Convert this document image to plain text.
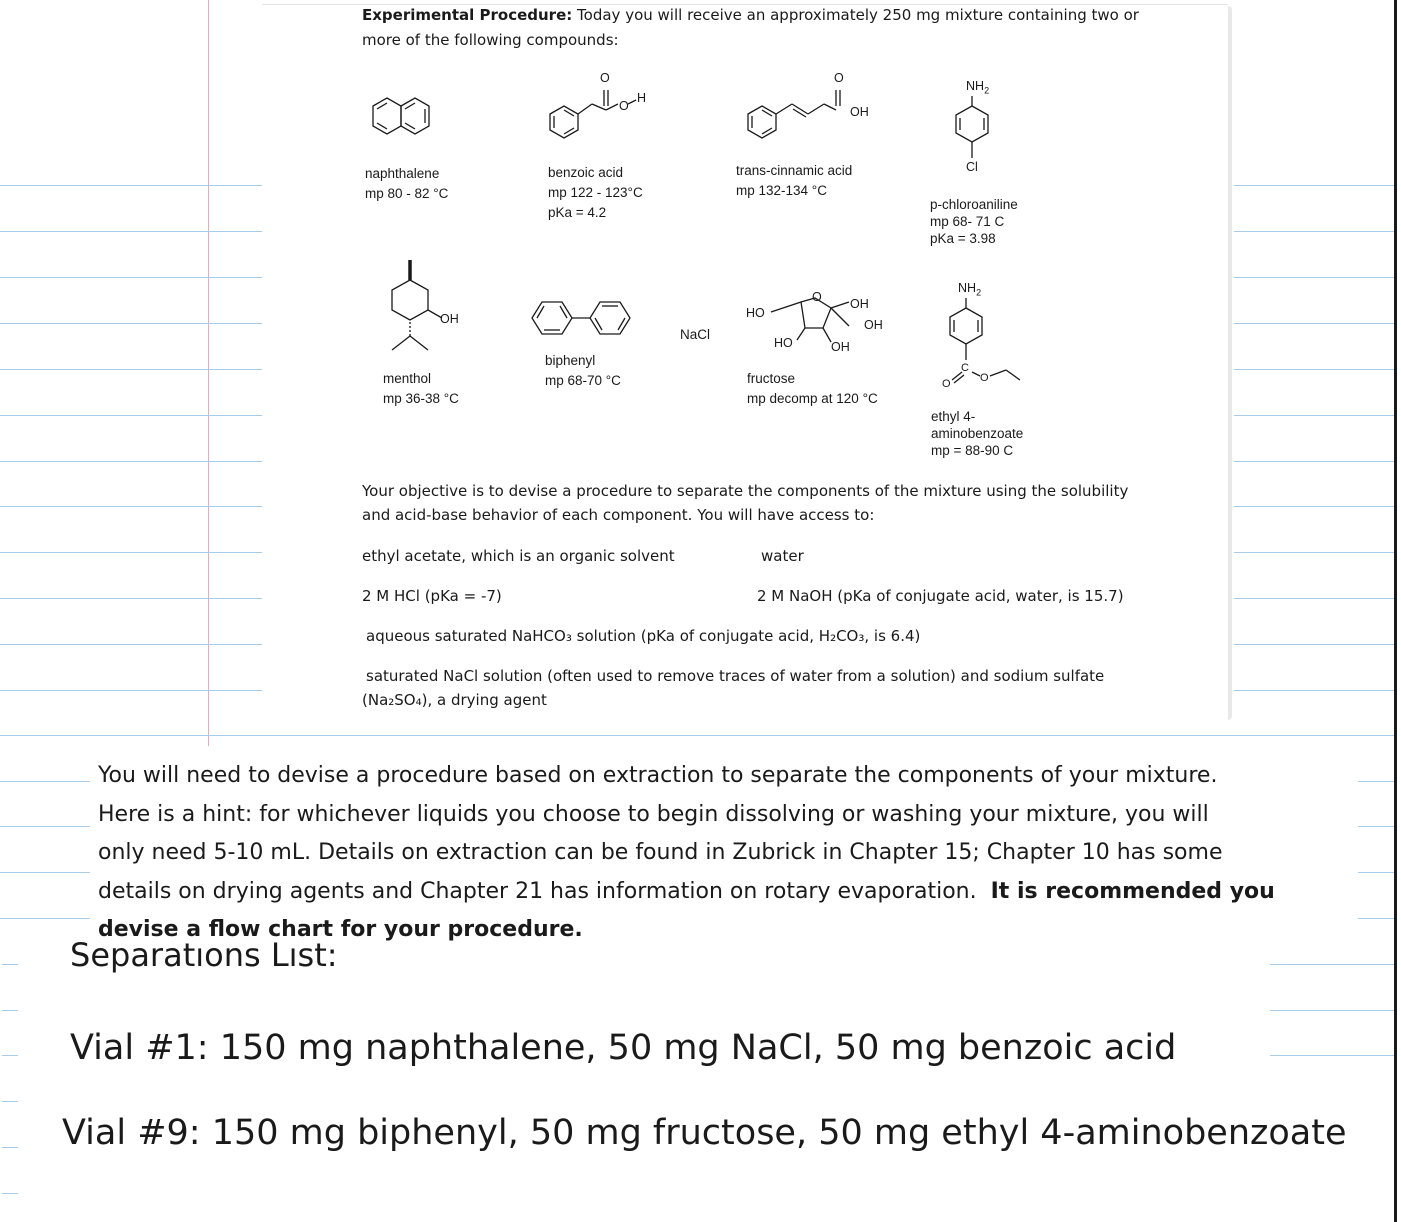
Experimental Procedure: Today you will receive an approximately 250 mg mixture containing two or
more of the following compounds:
naphthalene
mp 80 - 82 °C
O
O
H
benzoic acid
mp 122 - 123°C
pKa = 4.2
O
OH
trans-cinnamic acid
mp 132-134 °C
$NH_2$
Cl
p-chloroaniline
mp 68- 71 C
pKa = 3.98
OH
menthol
mp 36-38 °C
biphenyl
mp 68-70 °C
NaCl
HO
O OH
OH
HO	OH
fructose
mp decomp at 120 °C
$NH_2$
C
O	O
ethyl 4-
aminobenzoate
mp = 88-90 C
Your objective is to devise a procedure to separate the components of the mixture using the solubility
and acid-base behavior of each component. You will have access to:
ethyl acetate, which is an organic solvent	water
2 M HCl (pKa = -7)	2 M NaOH (pKa of conjugate acid, water, is 15.7)
aqueous saturated NaHCO₃ solution (pKa of conjugate acid, H₂CO₃, is 6.4)
saturated NaCl solution (often used to remove traces of water from a solution) and sodium sulfate
(Na₂SO₄), a drying agent
You will need to devise a procedure based on extraction to separate the components of your mixture.
Here is a hint: for whichever liquids you choose to begin dissolving or washing your mixture, you will
only need 5-10 mL. Details on extraction can be found in Zubrick in Chapter 15; Chapter 10 has some
details on drying agents and Chapter 21 has information on rotary evaporation. It is recommended you
devise a flow chart for your procedure.
Separatıons Lıst:
Vial #1: 150 mg naphthalene, 50 mg NaCl, 50 mg benzoic acid
Vial #9: 150 mg biphenyl, 50 mg fructose, 50 mg ethyl 4-aminobenzoate
